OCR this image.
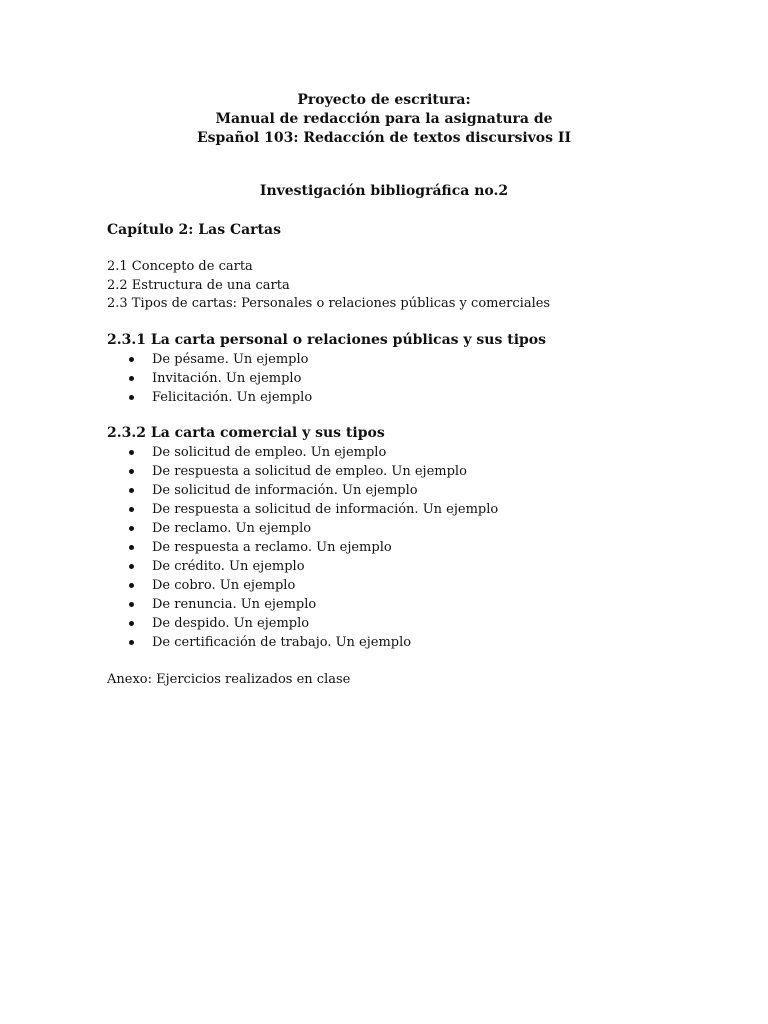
Proyecto de escritura:
Manual de redacción para la asignatura de
Español 103: Redacción de textos discursivos II
Investigación bibliográfica no.2
Capítulo 2: Las Cartas
2.1 Concepto de carta
2.2 Estructura de una carta
2.3 Tipos de cartas: Personales o relaciones públicas y comerciales
2.3.1 La carta personal o relaciones públicas y sus tipos
De pésame. Un ejemplo
Invitación. Un ejemplo
Felicitación. Un ejemplo
2.3.2 La carta comercial y sus tipos
De solicitud de empleo. Un ejemplo
De respuesta a solicitud de empleo. Un ejemplo
De solicitud de información. Un ejemplo
De respuesta a solicitud de información. Un ejemplo
De reclamo. Un ejemplo
De respuesta a reclamo. Un ejemplo
De crédito. Un ejemplo
De cobro. Un ejemplo
De renuncia. Un ejemplo
De despido. Un ejemplo
De certificación de trabajo. Un ejemplo
Anexo: Ejercicios realizados en clase
